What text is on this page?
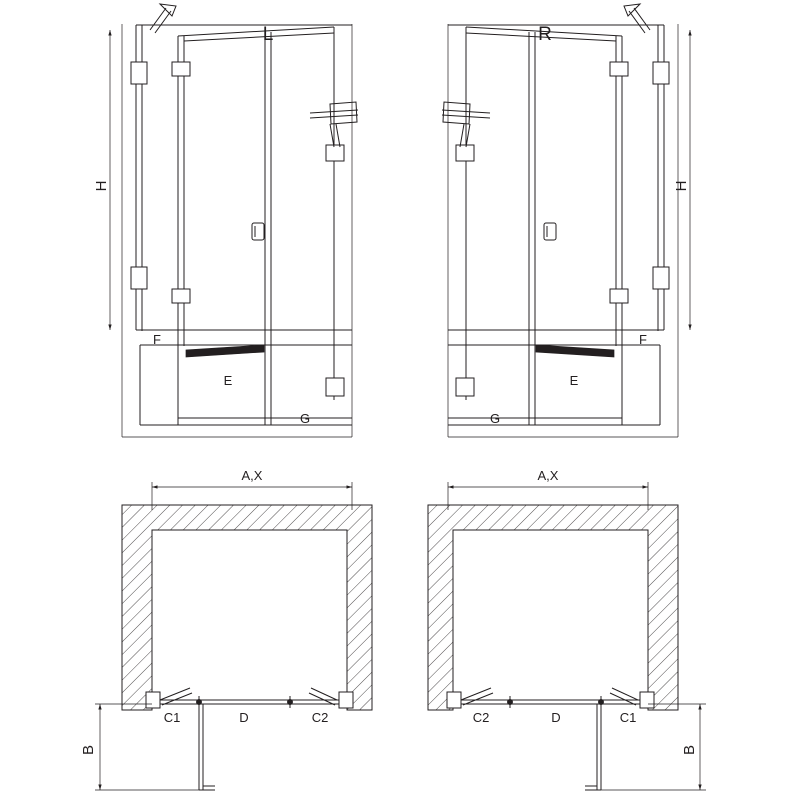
H
L
F
E
G
H
R
F
E
G
A,X
B
C1	D	C2
A,X
B
C2	D	C1
